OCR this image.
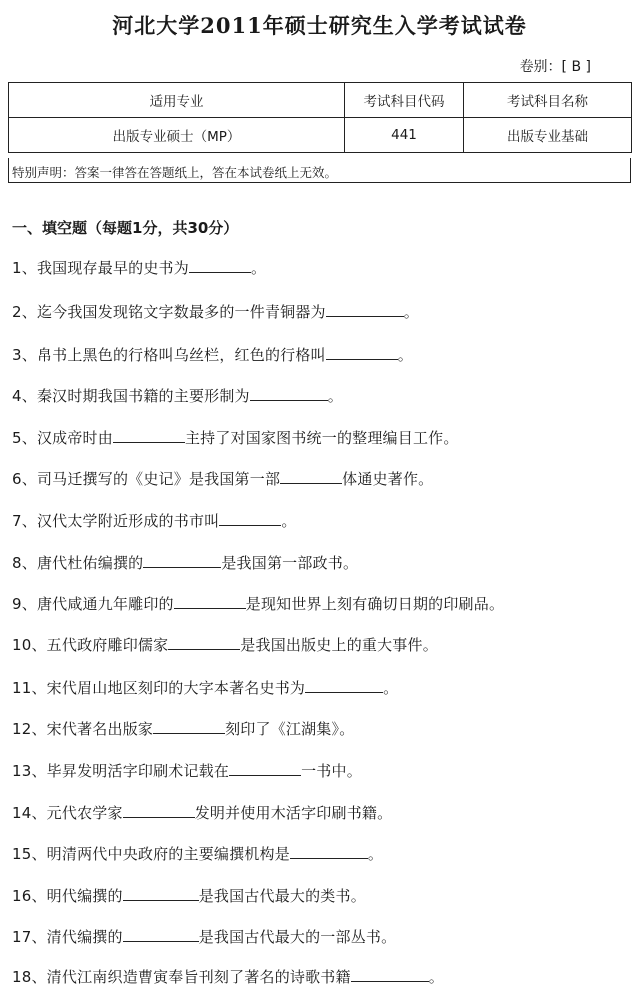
河北大学2011年硕士研究生入学考试试卷
卷别：[ B ]
适用专业	考试科目代码	考试科目名称
出版专业硕士（MP）	441	出版专业基础
特别声明：答案一律答在答题纸上，答在本试卷纸上无效。
一、填空题（每题1分，共30分）
1、我国现存最早的史书为	。
2、迄今我国发现铭文字数最多的一件青铜器为	。
3、帛书上黑色的行格叫乌丝栏，红色的行格叫	。
4、秦汉时期我国书籍的主要形制为	。
5、汉成帝时由	主持了对国家图书统一的整理编目工作。
6、司马迁撰写的《史记》是我国第一部	体通史著作。
7、汉代太学附近形成的书市叫	。
8、唐代杜佑编撰的	是我国第一部政书。
9、唐代咸通九年雕印的	是现知世界上刻有确切日期的印刷品。
10、五代政府雕印儒家	是我国出版史上的重大事件。
11、宋代眉山地区刻印的大字本著名史书为	。
12、宋代著名出版家	刻印了《江湖集》。
13、毕昇发明活字印刷术记载在	一书中。
14、元代农学家	发明并使用木活字印刷书籍。
15、明清两代中央政府的主要编撰机构是	。
16、明代编撰的	是我国古代最大的类书。
17、清代编撰的	是我国古代最大的一部丛书。
18、清代江南织造曹寅奉旨刊刻了著名的诗歌书籍	。
